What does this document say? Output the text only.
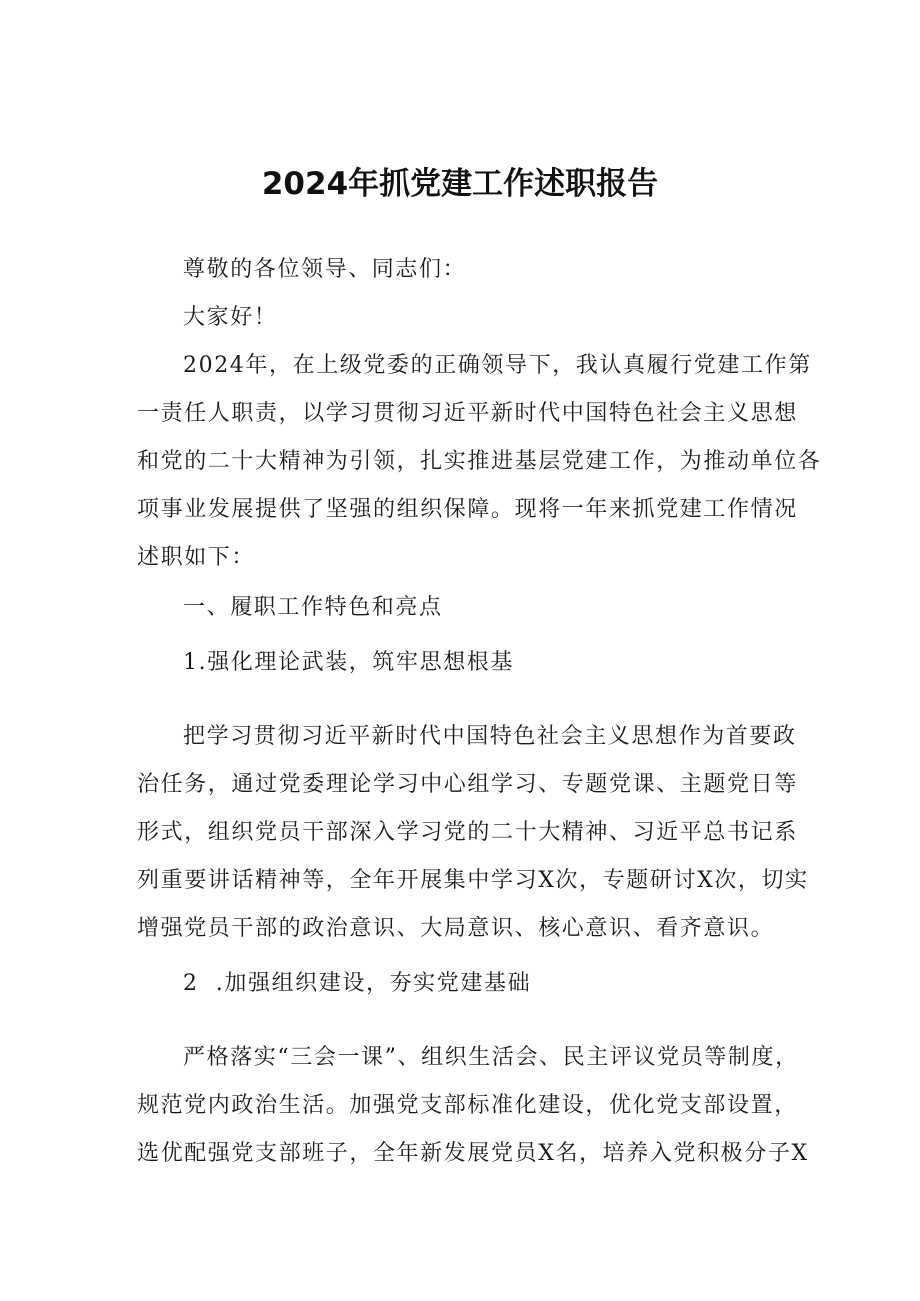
2024年抓党建工作述职报告
尊敬的各位领导、同志们：
大家好！
2024年，在上级党委的正确领导下，我认真履行党建工作第
一责任人职责，以学习贯彻习近平新时代中国特色社会主义思想
和党的二十大精神为引领，扎实推进基层党建工作，为推动单位各
项事业发展提供了坚强的组织保障。现将一年来抓党建工作情况
述职如下：
一、履职工作特色和亮点
1.强化理论武装，筑牢思想根基
把学习贯彻习近平新时代中国特色社会主义思想作为首要政
治任务，通过党委理论学习中心组学习、专题党课、主题党日等
形式，组织党员干部深入学习党的二十大精神、习近平总书记系
列重要讲话精神等，全年开展集中学习X次，专题研讨X次，切实
增强党员干部的政治意识、大局意识、核心意识、看齐意识。
2  .加强组织建设，夯实党建基础
严格落实“三会一课”、组织生活会、民主评议党员等制度，
规范党内政治生活。加强党支部标准化建设，优化党支部设置，
选优配强党支部班子，全年新发展党员X名，培养入党积极分子X
